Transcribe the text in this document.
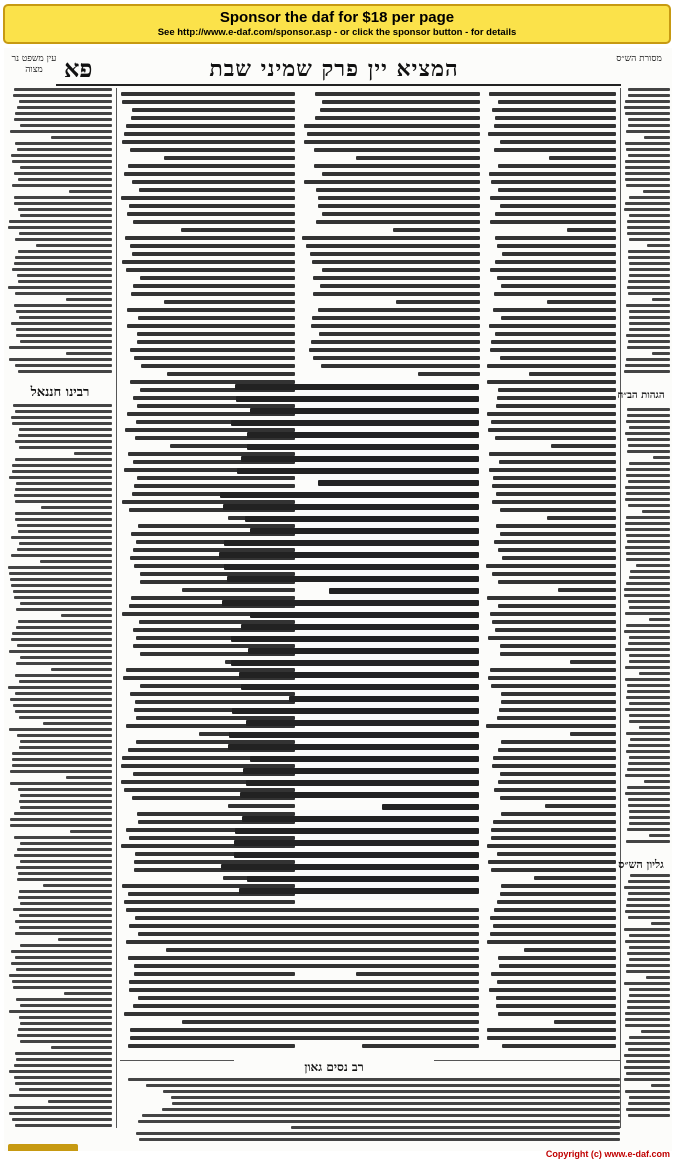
Sponsor the daf for $18 per page
See http://www.e-daf.com/sponsor.asp - or click the sponsor button - for details
עין משפט נר מצוה פא	המציא יין פרק שמיני שבת	מסורת הש״ס
רבינו חננאל	הגהות הב״ח
גליון הש״ס
רב נסים גאון
Copyright (c) www.e-daf.com
